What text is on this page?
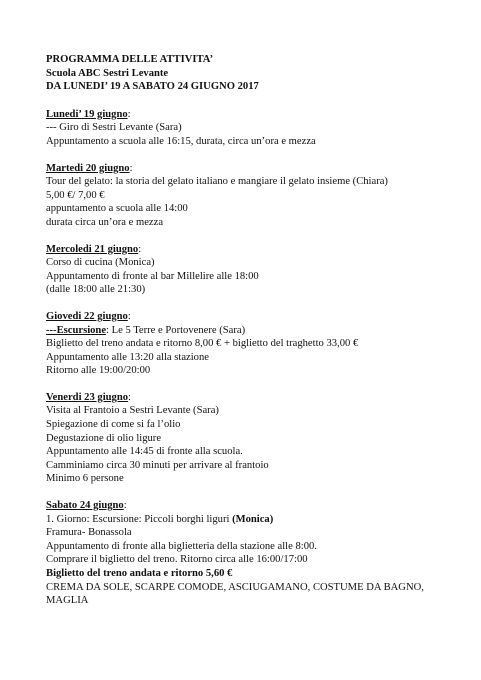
PROGRAMMA DELLE ATTIVITA’
Scuola ABC Sestri Levante
DA LUNEDI’ 19 A SABATO 24 GIUGNO 2017
Lunedi’ 19 giugno:
--- Giro di Sestri Levante (Sara)
Appuntamento a scuola alle 16:15, durata, circa un’ora e mezza
Martedi 20 giugno:
Tour del gelato: la storia del gelato italiano e mangiare il gelato insieme (Chiara)
5,00 €/ 7,00 €
appuntamento a scuola alle 14:00
durata circa un’ora e mezza
Mercoledi 21 giugno:
Corso di cucina (Monica)
Appuntamento di fronte al bar Millelire alle 18:00
(dalle 18:00 alle 21:30)
Giovedi 22 giugno:
---Escursione: Le 5 Terre e Portovenere (Sara)
Biglietto del treno andata e ritorno 8,00 € + biglietto del traghetto 33,00 €
Appuntamento alle 13:20 alla stazione
Ritorno alle 19:00/20:00
Venerdi 23 giugno:
Visita al Frantoio a Sestri Levante (Sara)
Spiegazione di come si fa l’olio
Degustazione di olio ligure
Appuntamento alle 14:45 di fronte alla scuola.
Camminiamo circa 30 minuti per arrivare al frantoio
Minimo 6 persone
Sabato 24 giugno:
1. Giorno: Escursione: Piccoli borghi liguri (Monica)
Framura- Bonassola
Appuntamento di fronte alla biglietteria della stazione alle 8:00.
Comprare il biglietto del treno. Ritorno circa alle 16:00/17:00
Biglietto del treno andata e ritorno 5,60 €
CREMA DA SOLE, SCARPE COMODE, ASCIUGAMANO, COSTUME DA BAGNO,
MAGLIA
